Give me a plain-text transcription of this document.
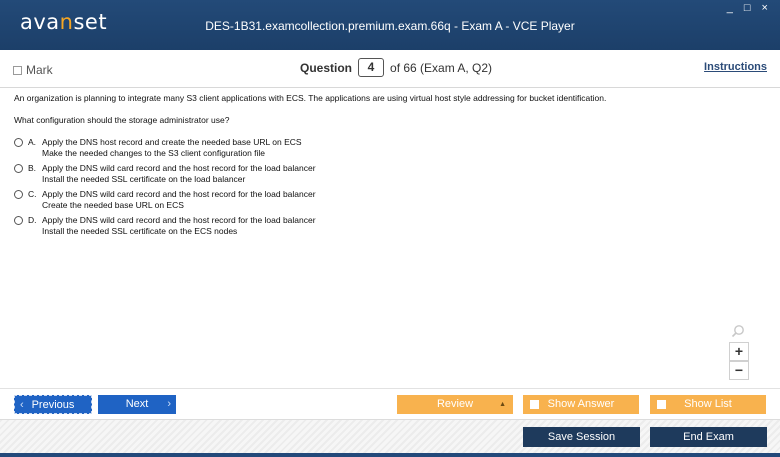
avanset	DES-1B31.examcollection.premium.exam.66q - Exam A - VCE Player
_ □ ×
Mark	Question	4	of 66 (Exam A, Q2)	Instructions

An organization is planning to integrate many S3 client applications with ECS. The applications are using virtual host style addressing for bucket identification.

What configuration should the storage administrator use?

A. Apply the DNS host record and create the needed base URL on ECS
Make the needed changes to the S3 client configuration file
B. Apply the DNS wild card record and the host record for the load balancer
Install the needed SSL certificate on the load balancer
C. Apply the DNS wild card record and the host record for the load balancer
Create the needed base URL on ECS
D. Apply the DNS wild card record and the host record for the load balancer
Install the needed SSL certificate on the ECS nodes
+
−
‹ Previous	Next ›	Review	▲	Show Answer	Show List
Save Session	End Exam
